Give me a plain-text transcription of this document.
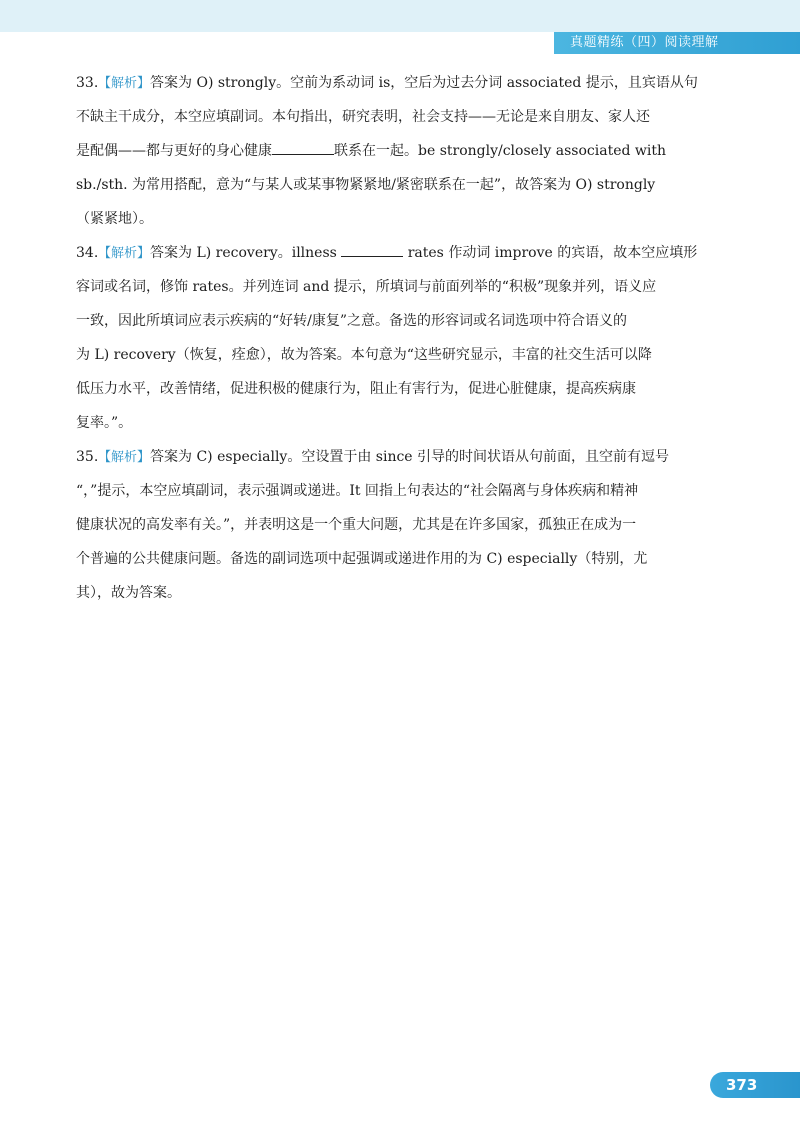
真题精练（四）阅读理解
33.【解析】答案为 O) strongly。空前为系动词 is，空后为过去分词 associated 提示，且宾语从句
不缺主干成分，本空应填副词。本句指出，研究表明，社会支持——无论是来自朋友、家人还
是配偶——都与更好的身心健康	联系在一起。be strongly/closely associated with
sb./sth. 为常用搭配，意为“与某人或某事物紧紧地/紧密联系在一起”，故答案为 O) strongly
（紧紧地）。
34.【解析】答案为 L) recovery。illness	rates 作动词 improve 的宾语，故本空应填形
容词或名词，修饰 rates。并列连词 and 提示，所填词与前面列举的“积极”现象并列，语义应
一致，因此所填词应表示疾病的“好转/康复”之意。备选的形容词或名词选项中符合语义的
为 L) recovery（恢复，痊愈），故为答案。本句意为“这些研究显示，丰富的社交生活可以降
低压力水平，改善情绪，促进积极的健康行为，阻止有害行为，促进心脏健康，提高疾病康
复率。”。
35.【解析】答案为 C) especially。空设置于由 since 引导的时间状语从句前面，且空前有逗号
“，”提示，本空应填副词，表示强调或递进。It 回指上句表达的“社会隔离与身体疾病和精神
健康状况的高发率有关。”，并表明这是一个重大问题，尤其是在许多国家，孤独正在成为一
个普遍的公共健康问题。备选的副词选项中起强调或递进作用的为 C) especially（特别，尤
其），故为答案。
373
